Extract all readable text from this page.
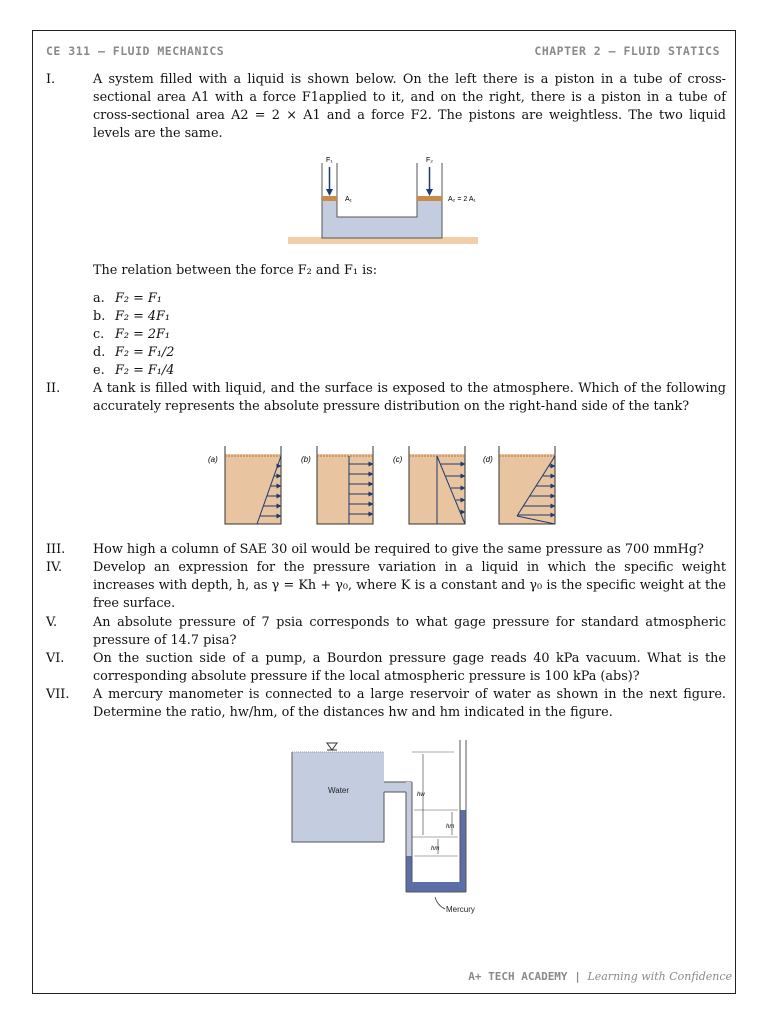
CE 311 – FLUID MECHANICS	CHAPTER 2 – FLUID STATICS
I.	A system filled with a liquid is shown below. On the left there is a piston in a tube of cross-sectional area A1 with a force F1applied to it, and on the right, there is a piston in a tube of cross-sectional area A2 = 2 × A1 and a force F2. The pistons are weightless. The two liquid levels are the same.
F₁	F₂
A₁	A₂ = 2 A₁
The relation between the force F₂ and F₁ is:
a. F₂ = F₁
b. F₂ = 4F₁
c. F₂ = 2F₁
d. F₂ = F₁/2
e. F₂ = F₁/4
II.	A tank is filled with liquid, and the surface is exposed to the atmosphere. Which of the following accurately represents the absolute pressure distribution on the right-hand side of the tank?
(a)	(b)	(c)	(d)
III.	How high a column of SAE 30 oil would be required to give the same pressure as 700 mmHg?
IV.	Develop an expression for the pressure variation in a liquid in which the specific weight increases with depth, h, as γ = Kh + γ₀, where K is a constant and γ₀ is the specific weight at the free surface.
V.	An absolute pressure of 7 psia corresponds to what gage pressure for standard atmospheric pressure of 14.7 pisa?
VI.	On the suction side of a pump, a Bourdon pressure gage reads 40 kPa vacuum. What is the corresponding absolute pressure if the local atmospheric pressure is 100 kPa (abs)?
VII.	A mercury manometer is connected to a large reservoir of water as shown in the next figure. Determine the ratio, hw/hm, of the distances hw and hm indicated in the figure.
Water	hw
hm
hm
Mercury
A+ TECH ACADEMY | Learning with Confidence
